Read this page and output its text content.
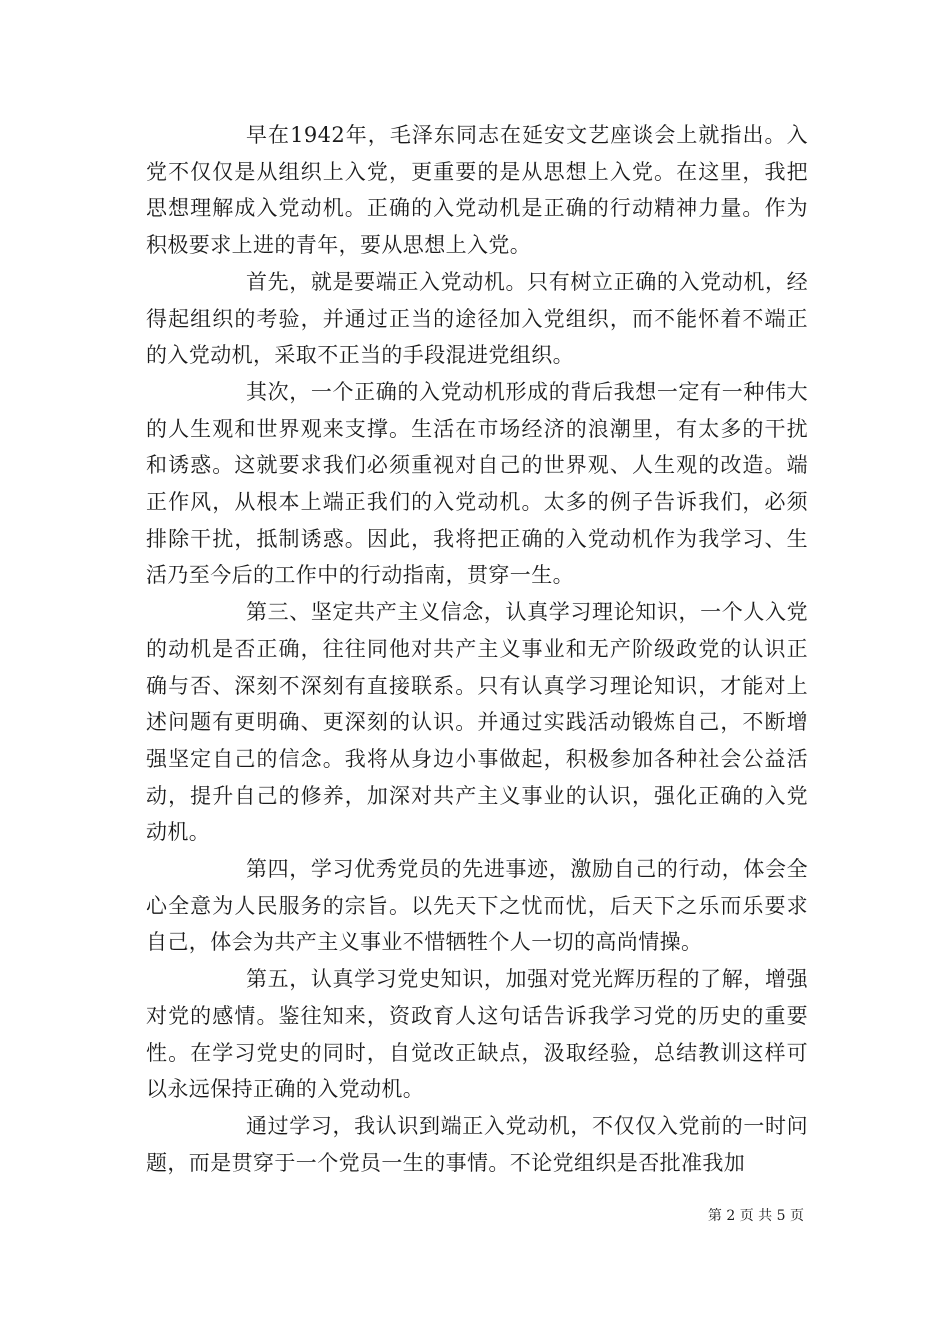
早在1942年，毛泽东同志在延安文艺座谈会上就指出。入党不仅仅是从组织上入党，更重要的是从思想上入党。在这里，我把思想理解成入党动机。正确的入党动机是正确的行动精神力量。作为积极要求上进的青年，要从思想上入党。

首先，就是要端正入党动机。只有树立正确的入党动机，经得起组织的考验，并通过正当的途径加入党组织，而不能怀着不端正的入党动机，采取不正当的手段混进党组织。

其次，一个正确的入党动机形成的背后我想一定有一种伟大的人生观和世界观来支撑。生活在市场经济的浪潮里，有太多的干扰和诱惑。这就要求我们必须重视对自己的世界观、人生观的改造。端正作风，从根本上端正我们的入党动机。太多的例子告诉我们，必须排除干扰，抵制诱惑。因此，我将把正确的入党动机作为我学习、生活乃至今后的工作中的行动指南，贯穿一生。

第三、坚定共产主义信念，认真学习理论知识，一个人入党的动机是否正确，往往同他对共产主义事业和无产阶级政党的认识正确与否、深刻不深刻有直接联系。只有认真学习理论知识，才能对上述问题有更明确、更深刻的认识。并通过实践活动锻炼自己，不断增强坚定自己的信念。我将从身边小事做起，积极参加各种社会公益活动，提升自己的修养，加深对共产主义事业的认识，强化正确的入党动机。

第四，学习优秀党员的先进事迹，激励自己的行动，体会全心全意为人民服务的宗旨。以先天下之忧而忧，后天下之乐而乐要求自己，体会为共产主义事业不惜牺牲个人一切的高尚情操。

第五，认真学习党史知识，加强对党光辉历程的了解，增强对党的感情。鉴往知来，资政育人这句话告诉我学习党的历史的重要性。在学习党史的同时，自觉改正缺点，汲取经验，总结教训这样可以永远保持正确的入党动机。

通过学习，我认识到端正入党动机，不仅仅入党前的一时问题，而是贯穿于一个党员一生的事情。不论党组织是否批准我加

第 2 页 共 5 页
